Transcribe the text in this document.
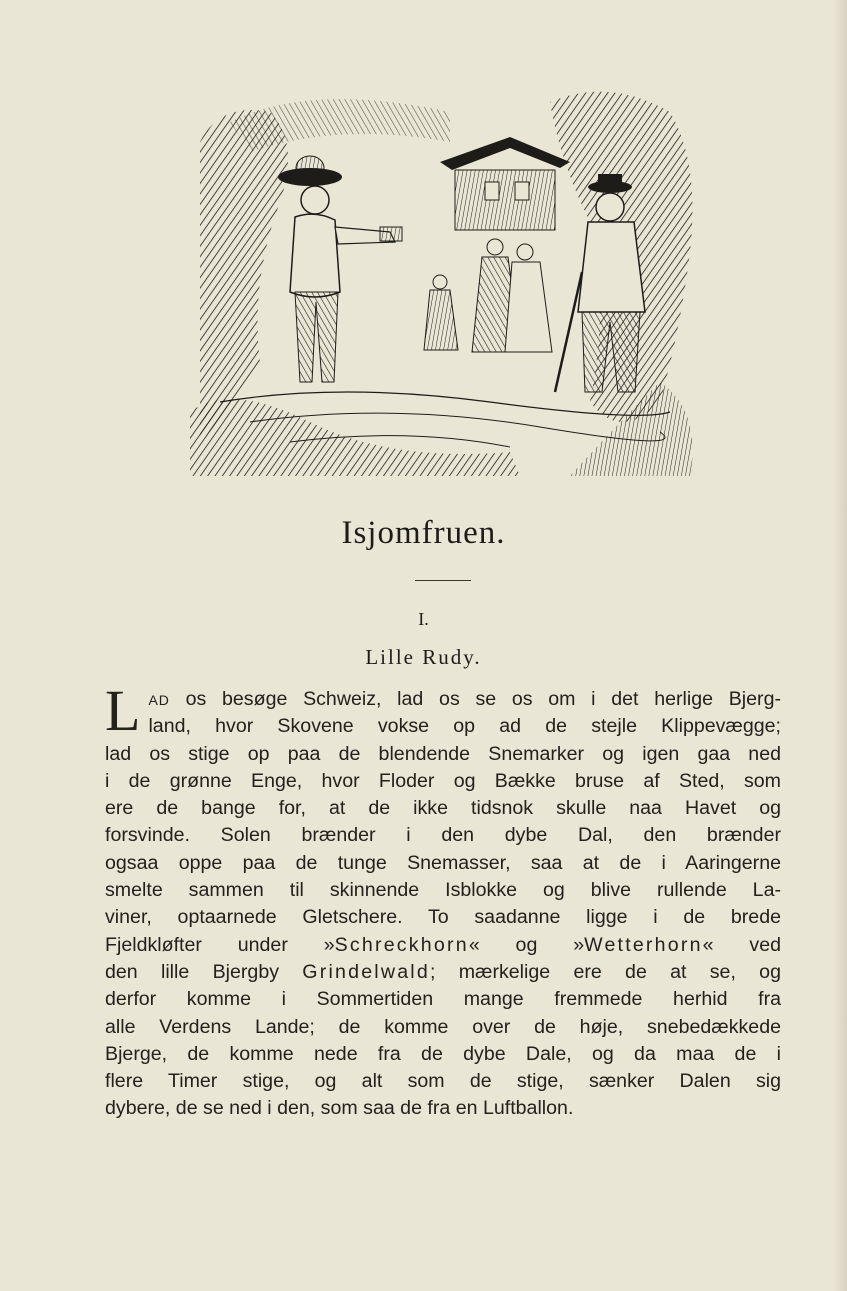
Isjomfruen.
I.
Lille Rudy.
L ad os besøge Schweiz, lad os se os om i det herlige Bjerg-
land, hvor Skovene vokse op ad de stejle Klippevægge;
lad os stige op paa de blendende Snemarker og igen gaa ned
i de grønne Enge, hvor Floder og Bække bruse af Sted, som
ere de bange for, at de ikke tidsnok skulle naa Havet og
forsvinde. Solen brænder i den dybe Dal, den brænder
ogsaa oppe paa de tunge Snemasser, saa at de i Aaringerne
smelte sammen til skinnende Isblokke og blive rullende La-
viner, optaarnede Gletschere. To saadanne ligge i de brede
Fjeldkløfter under »Schreckhorn« og »Wetterhorn« ved
den lille Bjergby Grindelwald; mærkelige ere de at se, og
derfor komme i Sommertiden mange fremmede herhid fra
alle Verdens Lande; de komme over de høje, snebedækkede
Bjerge, de komme nede fra de dybe Dale, og da maa de i
flere Timer stige, og alt som de stige, sænker Dalen sig
dybere, de se ned i den, som saa de fra en Luftballon.
